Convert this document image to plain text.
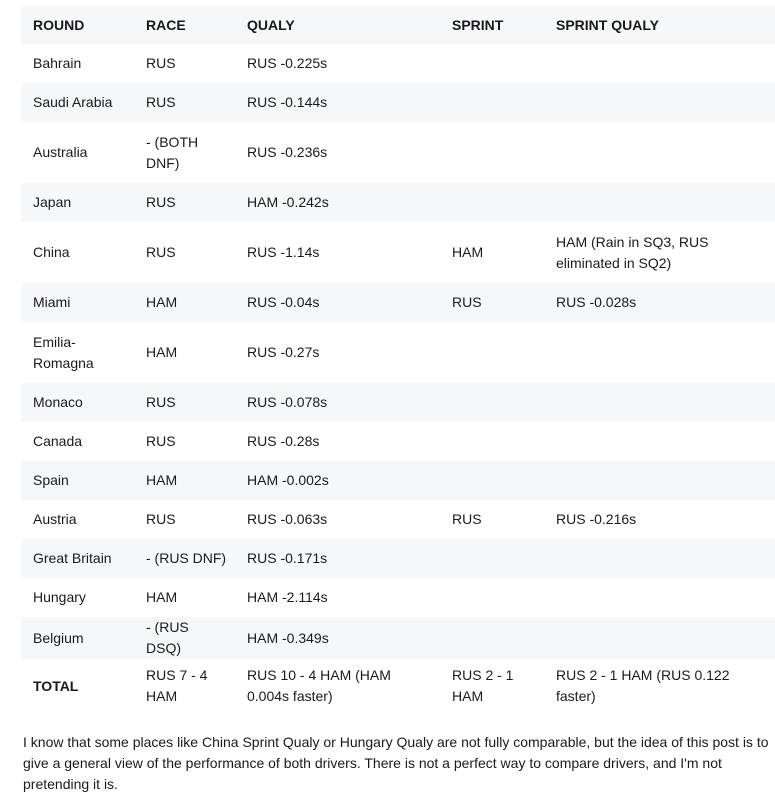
ROUND	RACE	QUALY	SPRINT	SPRINT QUALY
Bahrain	RUS	RUS -0.225s		
Saudi Arabia	RUS	RUS -0.144s		
Australia	- (BOTH DNF)	RUS -0.236s		
Japan	RUS	HAM -0.242s		
China	RUS	RUS -1.14s	HAM	HAM (Rain in SQ3, RUS eliminated in SQ2)
Miami	HAM	RUS -0.04s	RUS	RUS -0.028s
Emilia-Romagna	HAM	RUS -0.27s		
Monaco	RUS	RUS -0.078s		
Canada	RUS	RUS -0.28s		
Spain	HAM	HAM -0.002s		
Austria	RUS	RUS -0.063s	RUS	RUS -0.216s
Great Britain	- (RUS DNF)	RUS -0.171s		
Hungary	HAM	HAM -2.114s		
Belgium	- (RUS DSQ)	HAM -0.349s		
TOTAL	RUS 7 - 4 HAM	RUS 10 - 4 HAM (HAM 0.004s faster)	RUS 2 - 1 HAM	RUS 2 - 1 HAM (RUS 0.122 faster)

I know that some places like China Sprint Qualy or Hungary Qualy are not fully comparable, but the idea of this post is to give a general view of the performance of both drivers. There is not a perfect way to compare drivers, and I'm not pretending it is.
